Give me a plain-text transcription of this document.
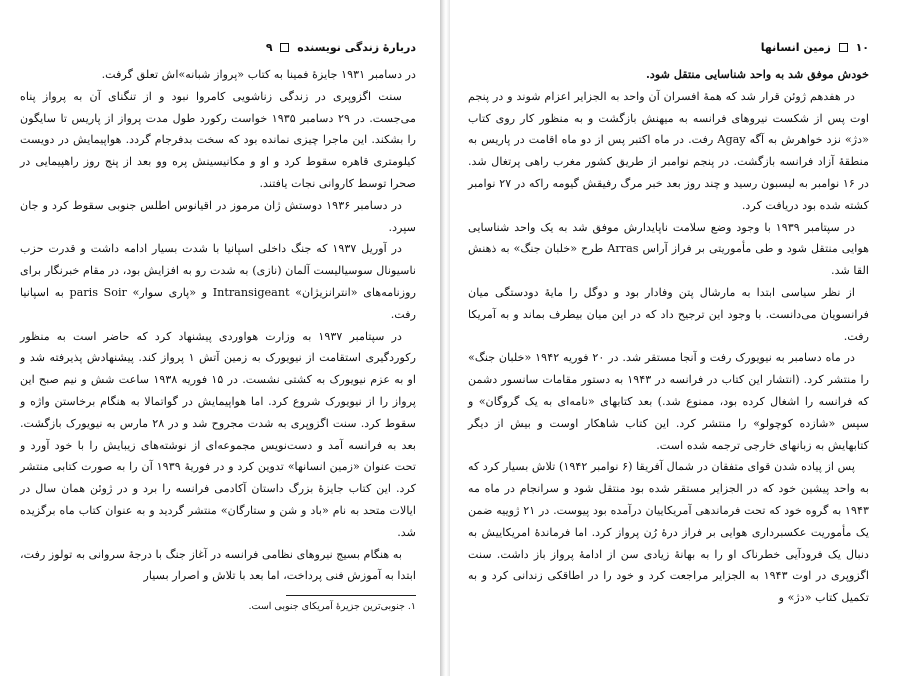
دربارهٔ زندگی نویسنده  ۹

در دسامبر ۱۹۳۱ جایزهٔ فمینا به کتاب «پرواز شبانه»اش تعلق گرفت.

سنت اگزوپری در زندگی زناشویی کامروا نبود و از تنگنای آن به پرواز پناه می‌جست. در ۲۹ دسامبر ۱۹۳۵ خواست رکورد طول مدت پرواز از پاریس تا سایگون را بشکند. این ماجرا چیزی نمانده بود که سخت بدفرجام گردد. هواپیمایش در دویست کیلومتری قاهره سقوط کرد و او و مکانیسینش پره وو بعد از پنج روز راهپیمایی در صحرا توسط کاروانی نجات یافتند.

در دسامبر ۱۹۳۶ دوستش ژان مرموز در اقیانوس اطلس جنوبی سقوط کرد و جان سپرد.

در آوریل ۱۹۳۷ که جنگ داخلی اسپانیا با شدت بسیار ادامه داشت و قدرت حزب ناسیونال سوسیالیست آلمان (نازی) به شدت رو به افزایش بود، در مقام خبرنگار برای روزنامه‌های «انترانزیژان» Intransigeant و «پاری سوار» paris Soir به اسپانیا رفت.

در سپتامبر ۱۹۳۷ به وزارت هواوردی پیشنهاد کرد که حاضر است به منظور رکوردگیری استقامت از نیویورک به زمین آتش ۱ پرواز کند. پیشنهادش پذیرفته شد و او به عزم نیویورک به کشتی نشست. در ۱۵ فوریه ۱۹۳۸ ساعت شش و نیم صبح این پرواز را از نیویورک شروع کرد. اما هواپیمایش در گواتمالا به هنگام برخاستن واژه و سقوط کرد. سنت اگزوپری به شدت مجروح شد و در ۲۸ مارس به نیویورک بازگشت. بعد به فرانسه آمد و دست‌نویس مجموعه‌ای از نوشته‌های زیبایش را با خود آورد و تحت عنوان «زمین انسانها» تدوین کرد و در فوریهٔ ۱۹۳۹ آن را به صورت کتابی منتشر کرد. این کتاب جایزهٔ بزرگ داستان آکادمی فرانسه را برد و در ژوئن همان سال در ایالات متحد به نام «باد و شن و ستارگان» منتشر گردید و به عنوان کتاب ماه برگزیده شد.

به هنگام بسیج نیروهای نظامی فرانسه در آغاز جنگ با درجهٔ سروانی به تولوز رفت، ابتدا به آموزش فنی پرداخت، اما بعد با تلاش و اصرار بسیار

۱. جنوبی‌ترین جزیرهٔ آمریکای جنوبی است.

۱۰  زمین انسانها

خودش موفق شد به واحد شناسایی منتقل شود.

در هفدهم ژوئن قرار شد که همهٔ افسران آن واحد به الجزایر اعزام شوند و در پنجم اوت پس از شکست نیروهای فرانسه به میهنش بازگشت و به منظور کار روی کتاب «دژ» نزد خواهرش به آگه Agay رفت. در ماه اکتبر پس از دو ماه اقامت در پاریس به منطقهٔ آزاد فرانسه بازگشت. در پنجم نوامبر از طریق کشور مغرب راهی پرتغال شد. در ۱۶ نوامبر به لیسبون رسید و چند روز بعد خبر مرگ رفیقش گیومه راکه در ۲۷ نوامبر کشته شده بود دریافت کرد.

در سپتامبر ۱۹۳۹ با وجود وضع سلامت ناپایدارش موفق شد به یک واحد شناسایی هوایی منتقل شود و طی مأموریتی بر فراز آراس Arras طرح «خلبان جنگ» به ذهنش القا شد.

از نظر سیاسی ابتدا به مارشال پتن وفادار بود و دوگل را مایهٔ دودستگی میان فرانسویان می‌دانست. با وجود این ترجیح داد که در این میان بیطرف بماند و به آمریکا رفت.

در ماه دسامبر به نیویورک رفت و آنجا مستقر شد. در ۲۰ فوریه ۱۹۴۲ «خلبان جنگ» را منتشر کرد. (انتشار این کتاب در فرانسه در ۱۹۴۳ به دستور مقامات سانسور دشمن که فرانسه را اشغال کرده بود، ممنوع شد.) بعد کتابهای «نامه‌ای به یک گروگان» و سپس «شازده کوچولو» را منتشر کرد. این کتاب شاهکار اوست و بیش از دیگر کتابهایش به زبانهای خارجی ترجمه شده است.

پس از پیاده شدن قوای متفقان در شمال آفریقا (۶ نوامبر ۱۹۴۲) تلاش بسیار کرد که به واحد پیشین خود که در الجزایر مستقر شده بود منتقل شود و سرانجام در ماه مه ۱۹۴۳ به گروه خود که تحت فرماندهی آمریکاییان درآمده بود پیوست. در ۲۱ ژوییه ضمن یک مأموریت عکسبرداری هوایی بر فراز درهٔ رُن پرواز کرد. اما فرماندهٔ امریکاییش به دنبال یک فرودآیی خطرناک او را به بهانهٔ زیادی سن از ادامهٔ پرواز باز داشت. سنت اگزوپری در اوت ۱۹۴۳ به الجزایر مراجعت کرد و خود را در اطاقکی زندانی کرد و به تکمیل کتاب «دژ» و
